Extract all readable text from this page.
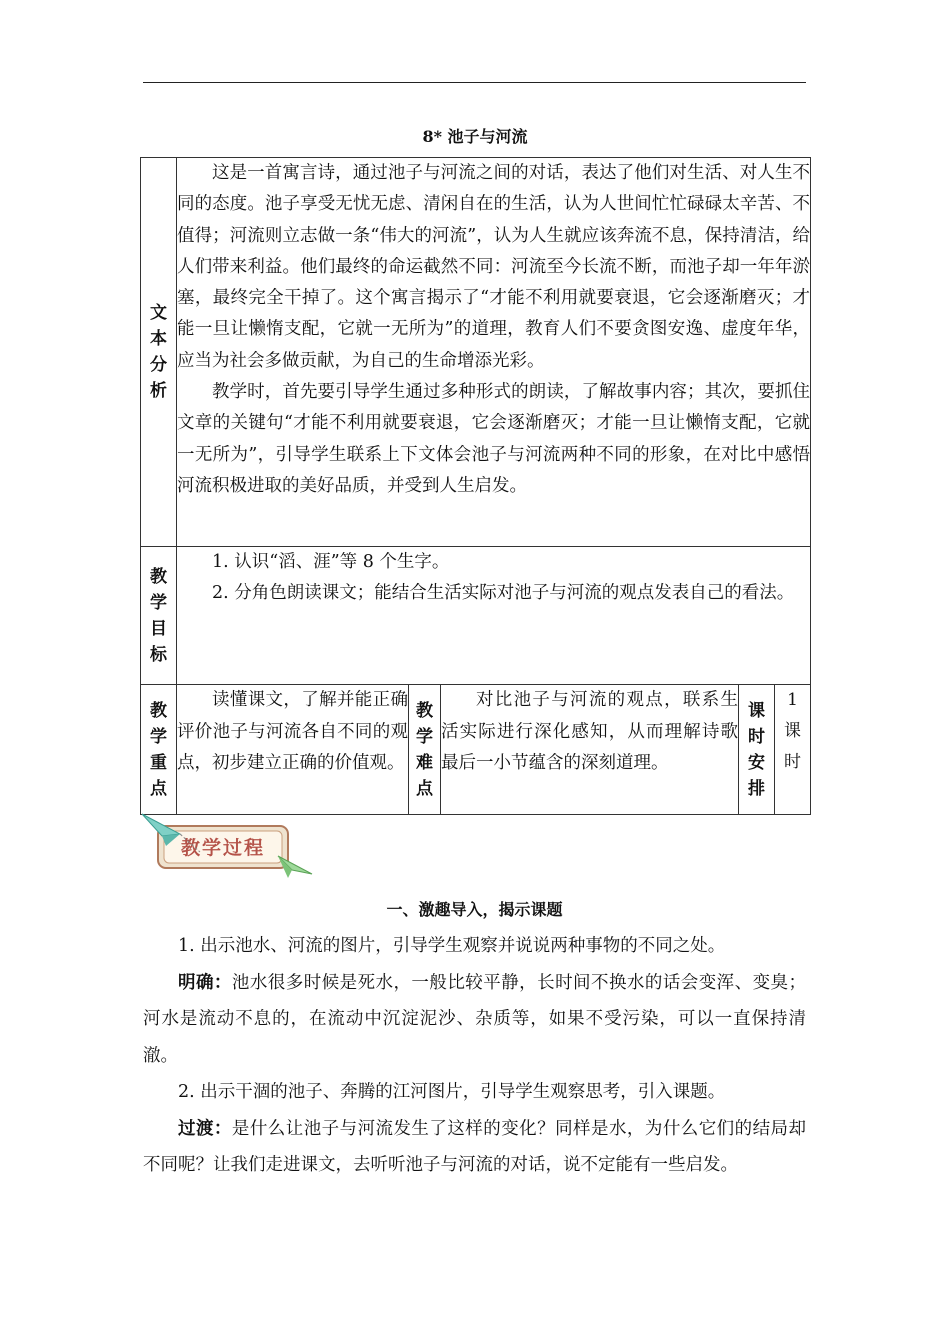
8* 池子与河流
文本分析	这是一首寓言诗，通过池子与河流之间的对话，表达了他们对生活、对人生不同的态度。池子享受无忧无虑、清闲自在的生活，认为人世间忙忙碌碌太辛苦、不值得；河流则立志做一条“伟大的河流”，认为人生就应该奔流不息，保持清洁，给人们带来利益。他们最终的命运截然不同：河流至今长流不断，而池子却一年年淤塞，最终完全干掉了。这个寓言揭示了“才能不利用就要衰退，它会逐渐磨灭；才能一旦让懒惰支配，它就一无所为”的道理，教育人们不要贪图安逸、虚度年华，应当为社会多做贡献，为自己的生命增添光彩。

教学时，首先要引导学生通过多种形式的朗读，了解故事内容；其次，要抓住文章的关键句“才能不利用就要衰退，它会逐渐磨灭；才能一旦让懒惰支配，它就一无所为”，引导学生联系上下文体会池子与河流两种不同的形象，在对比中感悟河流积极进取的美好品质，并受到人生启发。				

教学目标	1. 认识“滔、涯”等 8 个生字。

2. 分角色朗读课文；能结合生活实际对池子与河流的观点发表自己的看法。				

教学重点	读懂课文，了解并能正确评价池子与河流各自不同的观点，初步建立正确的价值观。	教学难点	对比池子与河流的观点，联系生活实际进行深化感知，从而理解诗歌最后一小节蕴含的深刻道理。	课时安排	1课时
教学过程
一、激趣导入，揭示课题

1. 出示池水、河流的图片，引导学生观察并说说两种事物的不同之处。

明确：池水很多时候是死水，一般比较平静，长时间不换水的话会变浑、变臭；河水是流动不息的，在流动中沉淀泥沙、杂质等，如果不受污染，可以一直保持清澈。

2. 出示干涸的池子、奔腾的江河图片，引导学生观察思考，引入课题。

过渡：是什么让池子与河流发生了这样的变化？同样是水，为什么它们的结局却不同呢？让我们走进课文，去听听池子与河流的对话，说不定能有一些启发。
